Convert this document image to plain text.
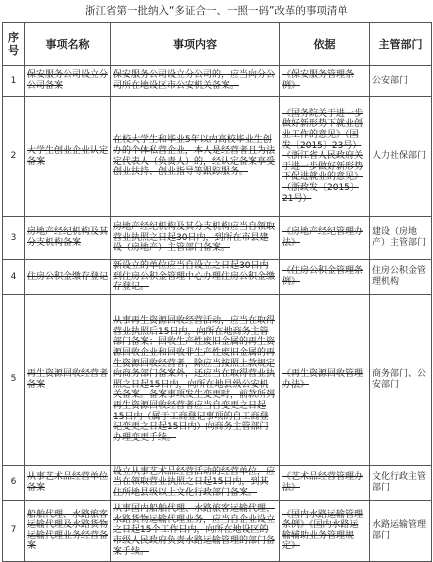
浙江省第一批纳入“多证合一、一照一码”改革的事项清单
序号	事项名称	事项内容	依据	主管部门
1	保安服务公司设立分公司备案	保安服务公司设立分公司的，应当向分公司所在地设区市公安机关备案。	《保安服务管理条例》	公安部门
2	大学生创业企业认定备案	在校大学生和毕业5年以内高校毕业生创办的个体私营企业，本人是经营者且为法定代表人（负责人）的，经认定备案享受创业扶持、创业指导等跟踪服务。	《国务院关于进一步做好新形势下就业创业工作的意见》（国发〔2015〕23号）《浙江省人民政府关于进一步做好新形势下促进就业的意见》（浙政发〔2015〕21号）	人力社保部门
3	房地产经纪机构及其分支机构备案	房地产经纪机构及其分支机构应当自领取营业执照之日起30日内，到所在市县建设（房地产）主管部门备案。	《房地产经纪管理办法》	建设（房地产）主管部门
4	住房公积金缴存登记	新设立的单位应当自设立之日起30日内到住房公积金管理中心办理住房公积金缴存登记。	《住房公积金管理条例》	住房公积金管理机构
5	再生资源回收经营者备案	从事再生资源回收经营活动，应当在取得营业执照后15日内，向所在地商务主管部门备案；回收生产性废旧金属的再生资源回收企业和回收非生产性废旧金属的再生资源回收经营者，除应当按照上款规定向商务部门备案外，还应当在取得营业执照之日起15日内，向所在地县级公安机关备案。备案事项发生变更时，前款所列再生资源回收经营者应当自变更之日起15日内（属于工商登记事项的自工商登记变更之日起15日内）向商务主管部门办理变更手续。	《再生资源回收管理办法》	商务部门、公安部门
6	从事艺术品经营单位备案	设立从事艺术品经营活动的经营单位，应当在领取营业执照之日起15日内，到其住所地县级以上文化行政部门备案。	《艺术品经营管理办法》	文化行政主管部门
7	船舶代理、水路旅客运输代理及水路货物运输代理业务经营备案	从事国内船舶代理、水路旅客运输代理、水路货物运输代理业务，应当自企业设立之日起15个工作日内，向所在地设区的市级人民政府负责水路运输管理的部门备案手续。	《国内水路运输管理条例》《国内水路运输辅助业务管理规定》	水路运输管理部门
